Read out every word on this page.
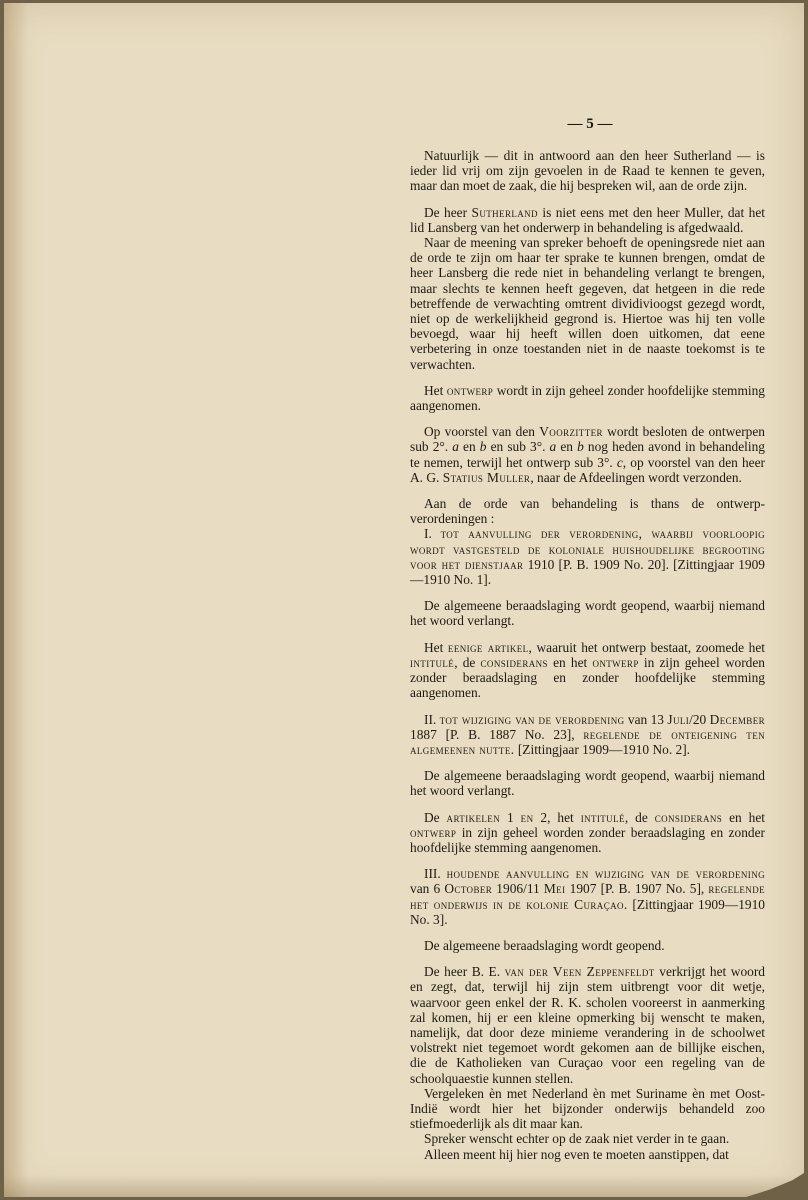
— 5 —

Natuurlijk — dit in antwoord aan den heer Sutherland — is ieder lid vrij om zijn gevoelen in de Raad te kennen te geven, maar dan moet de zaak, die hij bespreken wil, aan de orde zijn.

De heer Sutherland is niet eens met den heer Muller, dat het lid Lansberg van het onderwerp in behandeling is afgedwaald.

Naar de meening van spreker behoeft de openingsrede niet aan de orde te zijn om haar ter sprake te kunnen brengen, omdat de heer Lansberg die rede niet in behandeling verlangt te brengen, maar slechts te kennen heeft gegeven, dat hetgeen in die rede betreffende de verwachting omtrent dividivioogst gezegd wordt, niet op de werkelijkheid gegrond is. Hiertoe was hij ten volle bevoegd, waar hij heeft willen doen uitkomen, dat eene verbetering in onze toestanden niet in de naaste toekomst is te verwachten.

Het ontwerp wordt in zijn geheel zonder hoofdelijke stemming aangenomen.

Op voorstel van den Voorzitter wordt besloten de ontwerpen sub 2°. a en b en sub 3°. a en b nog heden avond in behandeling te nemen, terwijl het ontwerp sub 3°. c, op voorstel van den heer A. G. Statius Muller, naar de Afdeelingen wordt verzonden.

Aan de orde van behandeling is thans de ontwerp-verordeningen :

I. tot aanvulling der verordening, waarbij voorloopig wordt vastgesteld de koloniale huishoudelijke begrooting voor het dienstjaar 1910 [P. B. 1909 No. 20]. [Zittingjaar 1909—1910 No. 1].

De algemeene beraadslaging wordt geopend, waarbij niemand het woord verlangt.

Het eenige artikel, waaruit het ontwerp bestaat, zoomede het intitulé, de considerans en het ontwerp in zijn geheel worden zonder beraadslaging en zonder hoofdelijke stemming aangenomen.

II. tot wijziging van de verordening van 13 Juli/20 December 1887 [P. B. 1887 No. 23], regelende de onteigening ten algemeenen nutte. [Zittingjaar 1909—1910 No. 2].

De algemeene beraadslaging wordt geopend, waarbij niemand het woord verlangt.

De artikelen 1 en 2, het intitulé, de considerans en het ontwerp in zijn geheel worden zonder beraadslaging en zonder hoofdelijke stemming aangenomen.

III. houdende aanvulling en wijziging van de verordening van 6 October 1906/11 Mei 1907 [P. B. 1907 No. 5], regelende het onderwijs in de kolonie Curaçao. [Zittingjaar 1909—1910 No. 3].

De algemeene beraadslaging wordt geopend.

De heer B. E. van der Veen Zeppenfeldt verkrijgt het woord en zegt, dat, terwijl hij zijn stem uitbrengt voor dit wetje, waarvoor geen enkel der R. K. scholen vooreerst in aanmerking zal komen, hij er een kleine opmerking bij wenscht te maken, namelijk, dat door deze minieme verandering in de schoolwet volstrekt niet tegemoet wordt gekomen aan de billijke eischen, die de Katholieken van Curaçao voor een regeling van de schoolquaestie kunnen stellen.

Vergeleken èn met Nederland èn met Suriname èn met Oost-Indië wordt hier het bijzonder onderwijs behandeld zoo stiefmoederlijk als dit maar kan.

Spreker wenscht echter op de zaak niet verder in te gaan.

Alleen meent hij hier nog even te moeten aanstippen, dat
